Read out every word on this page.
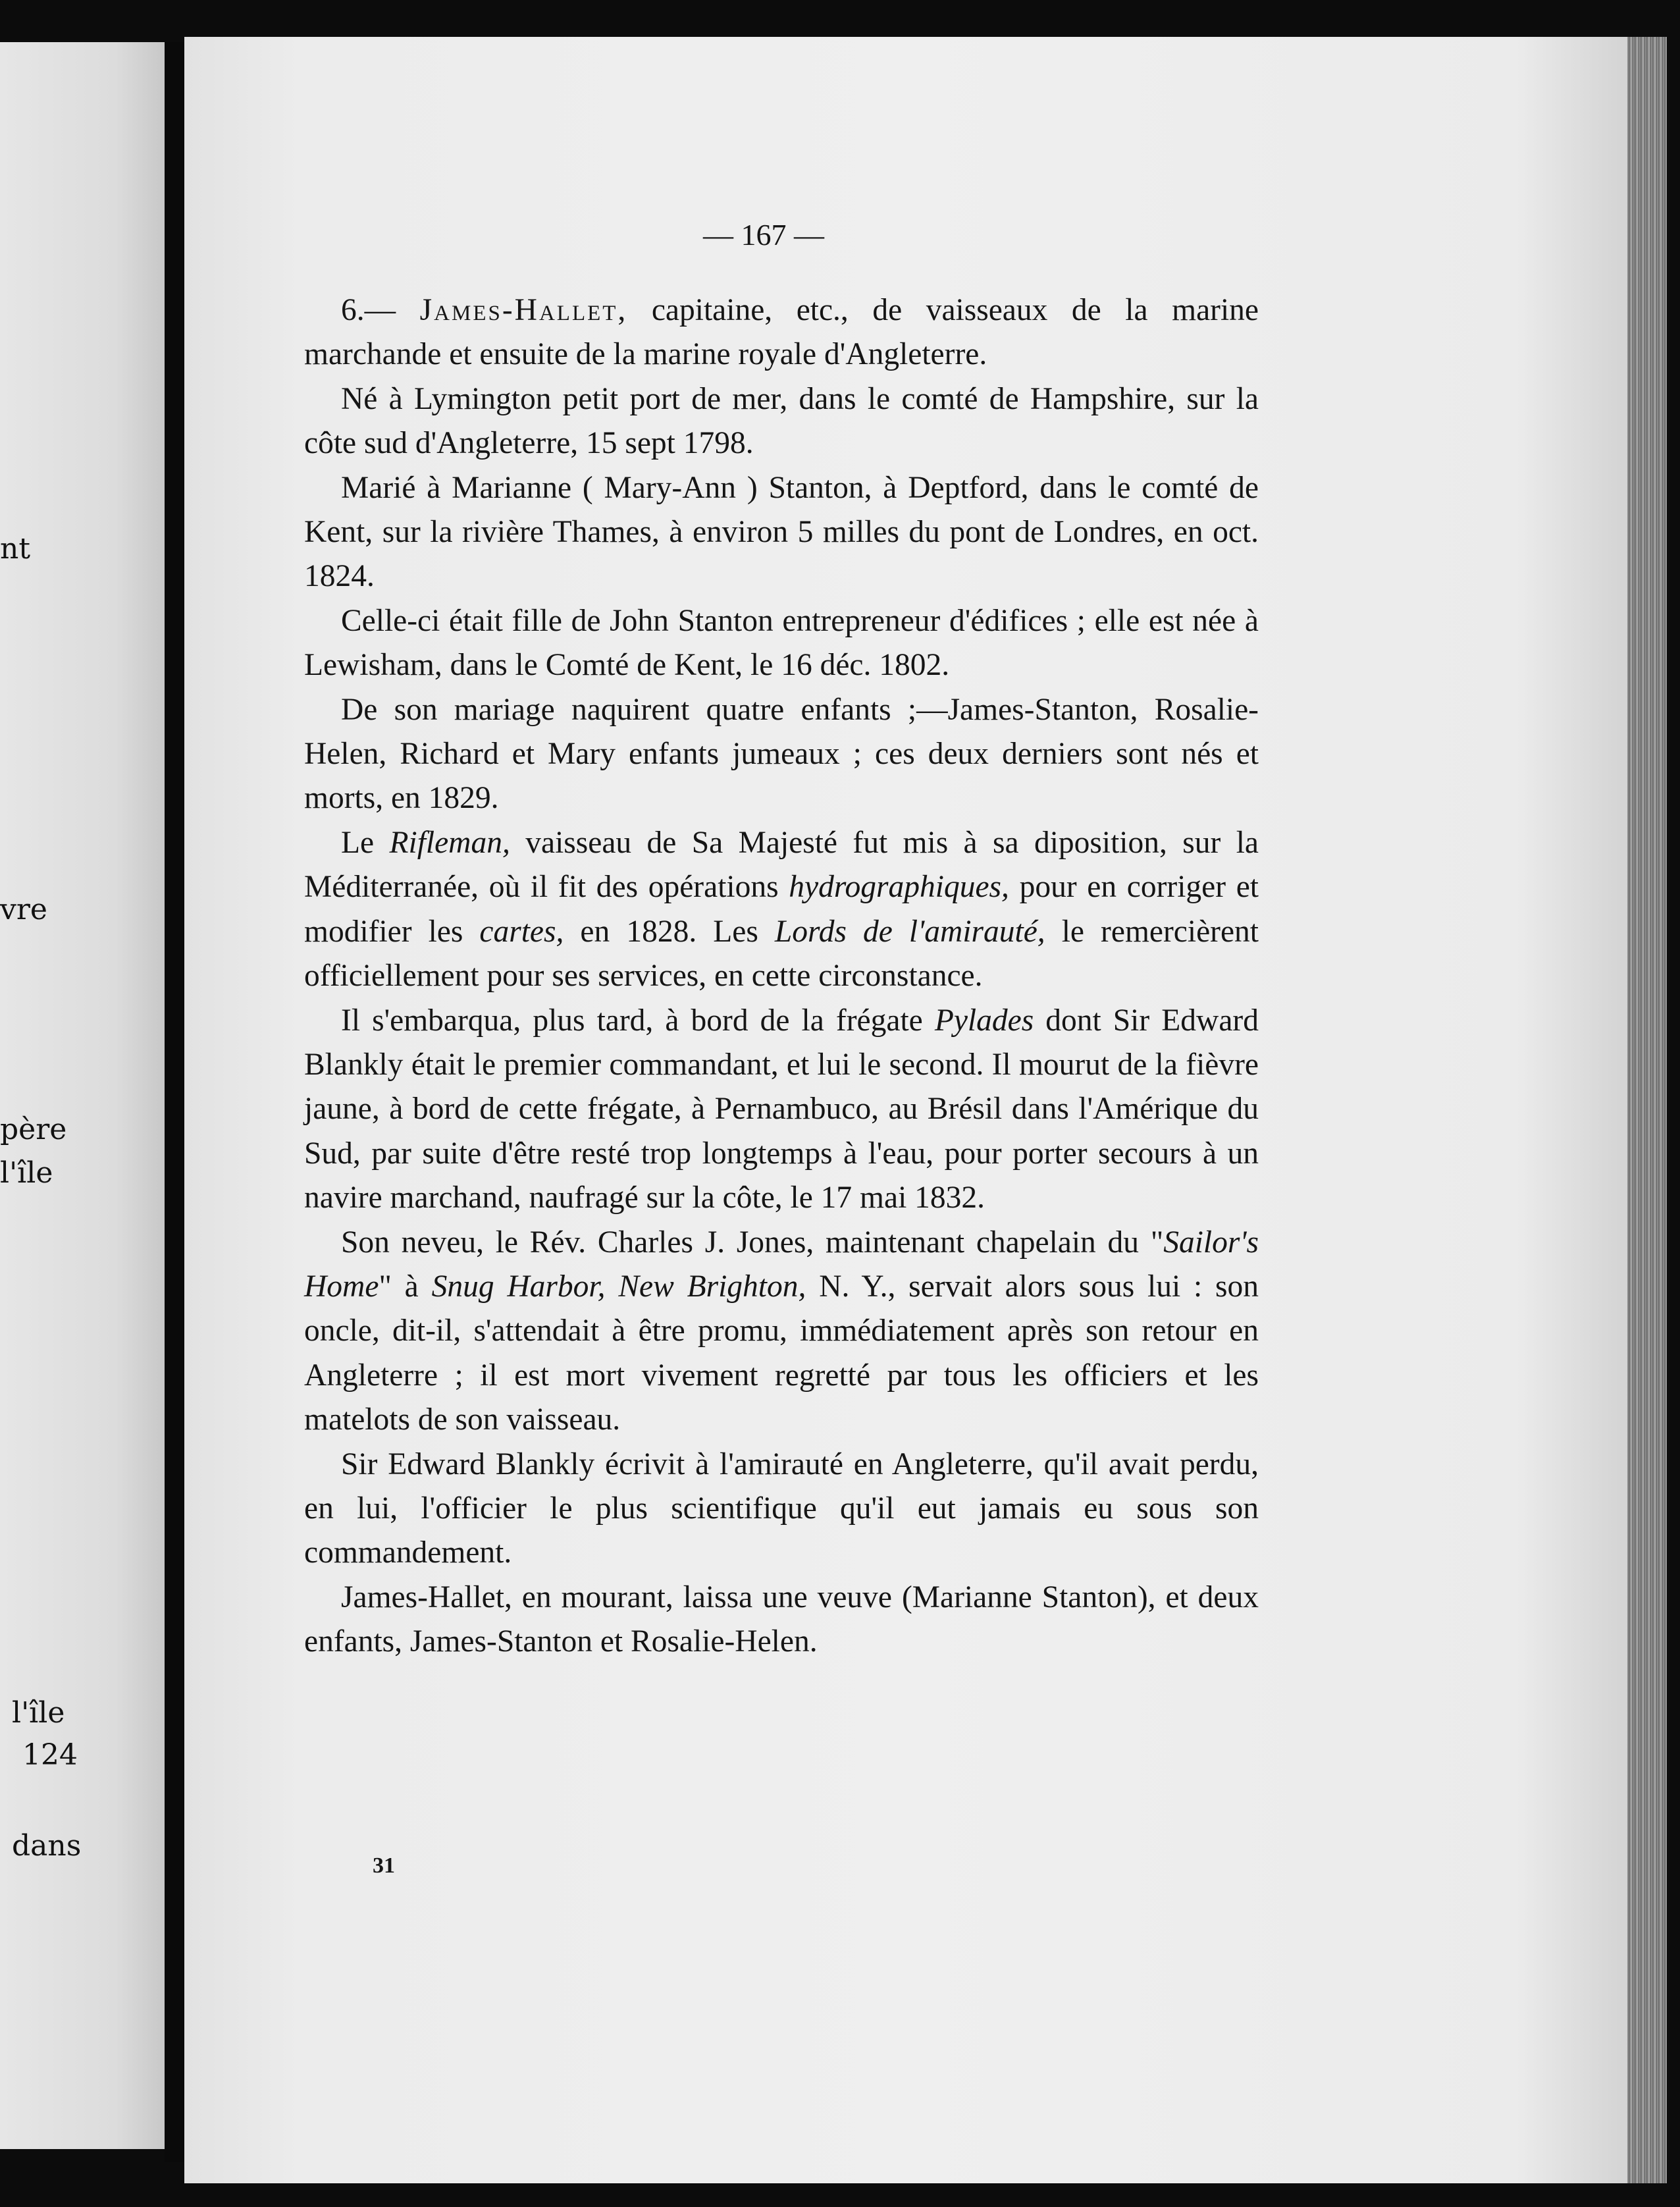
nt
vre
père
l'île
l'île
124
dans
— 167 —

6.— James-Hallet, capitaine, etc., de vaisseaux de la marine marchande et ensuite de la marine royale d'Angleterre.

Né à Lymington petit port de mer, dans le comté de Hampshire, sur la côte sud d'Angleterre, 15 sept 1798.

Marié à Marianne ( Mary-Ann ) Stanton, à Deptford, dans le comté de Kent, sur la rivière Thames, à environ 5 milles du pont de Londres, en oct. 1824.

Celle-ci était fille de John Stanton entrepreneur d'édifices ; elle est née à Lewisham, dans le Comté de Kent, le 16 déc. 1802.

De son mariage naquirent quatre enfants ;—James-Stanton, Rosalie-Helen, Richard et Mary enfants jumeaux ; ces deux derniers sont nés et morts, en 1829.

Le Rifleman, vaisseau de Sa Majesté fut mis à sa diposition, sur la Méditerranée, où il fit des opérations hydrographiques, pour en corriger et modifier les cartes, en 1828. Les Lords de l'amirauté, le remercièrent officiellement pour ses services, en cette circonstance.

Il s'embarqua, plus tard, à bord de la frégate Pylades dont Sir Edward Blankly était le premier commandant, et lui le second. Il mourut de la fièvre jaune, à bord de cette frégate, à Pernambuco, au Brésil dans l'Amérique du Sud, par suite d'être resté trop longtemps à l'eau, pour porter secours à un navire marchand, naufragé sur la côte, le 17 mai 1832.

Son neveu, le Rév. Charles J. Jones, maintenant chapelain du "Sailor's Home" à Snug Harbor, New Brighton, N. Y., servait alors sous lui : son oncle, dit-il, s'attendait à être promu, immédiatement après son retour en Angleterre ; il est mort vivement regretté par tous les officiers et les matelots de son vaisseau.

Sir Edward Blankly écrivit à l'amirauté en Angleterre, qu'il avait perdu, en lui, l'officier le plus scientifique qu'il eut jamais eu sous son commandement.

James-Hallet, en mourant, laissa une veuve (Marianne Stanton), et deux enfants, James-Stanton et Rosalie-Helen.

31
